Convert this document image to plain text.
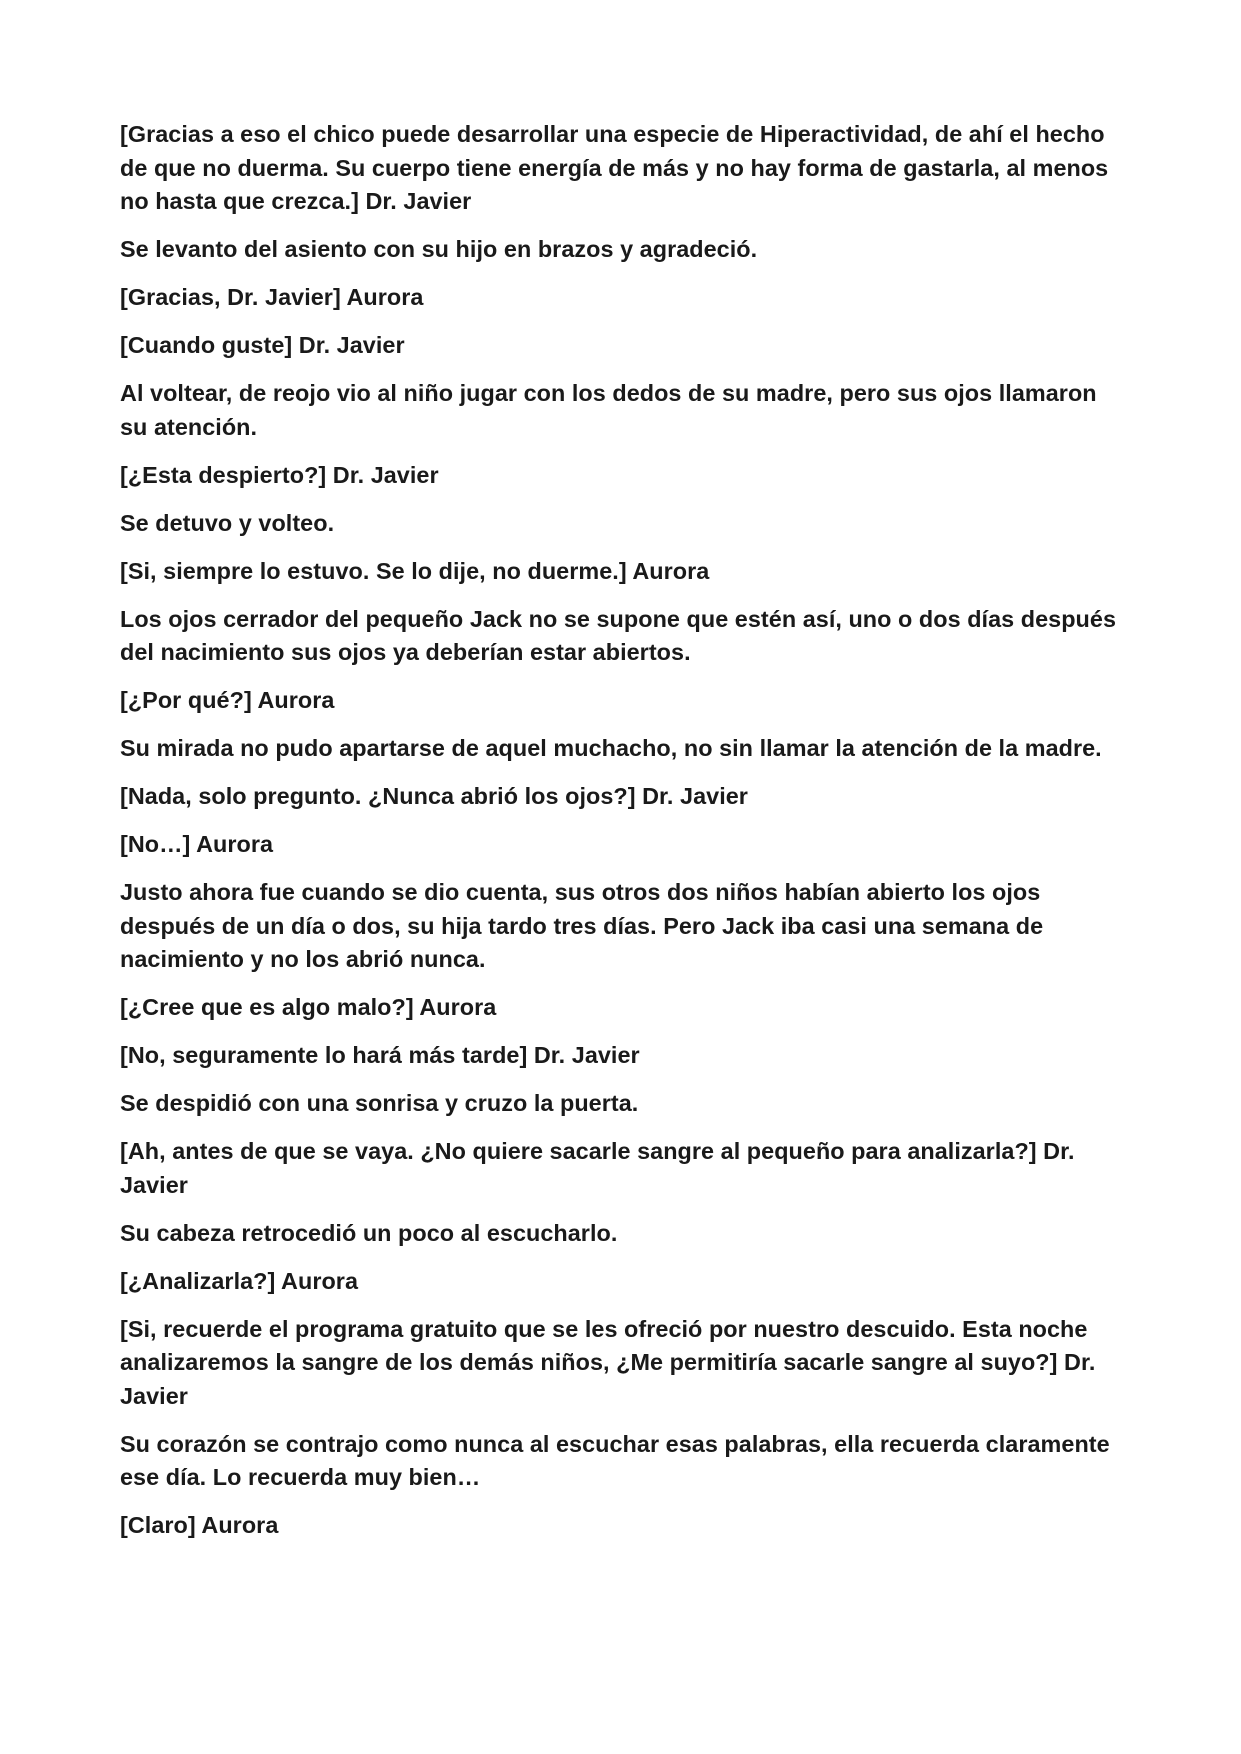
[Gracias a eso el chico puede desarrollar una especie de Hiperactividad, de ahí el hecho de que no duerma. Su cuerpo tiene energía de más y no hay forma de gastarla, al menos no hasta que crezca.] Dr. Javier

Se levanto del asiento con su hijo en brazos y agradeció.

[Gracias, Dr. Javier] Aurora

[Cuando guste] Dr. Javier

Al voltear, de reojo vio al niño jugar con los dedos de su madre, pero sus ojos llamaron su atención.

[¿Esta despierto?] Dr. Javier

Se detuvo y volteo.

[Si, siempre lo estuvo. Se lo dije, no duerme.] Aurora

Los ojos cerrador del pequeño Jack no se supone que estén así, uno o dos días después del nacimiento sus ojos ya deberían estar abiertos.

[¿Por qué?] Aurora

Su mirada no pudo apartarse de aquel muchacho, no sin llamar la atención de la madre.

[Nada, solo pregunto. ¿Nunca abrió los ojos?] Dr. Javier

[No…] Aurora

Justo ahora fue cuando se dio cuenta, sus otros dos niños habían abierto los ojos después de un día o dos, su hija tardo tres días. Pero Jack iba casi una semana de nacimiento y no los abrió nunca.

[¿Cree que es algo malo?] Aurora

[No, seguramente lo hará más tarde] Dr. Javier

Se despidió con una sonrisa y cruzo la puerta.

[Ah, antes de que se vaya. ¿No quiere sacarle sangre al pequeño para analizarla?] Dr. Javier

Su cabeza retrocedió un poco al escucharlo.

[¿Analizarla?] Aurora

[Si, recuerde el programa gratuito que se les ofreció por nuestro descuido. Esta noche analizaremos la sangre de los demás niños, ¿Me permitiría sacarle sangre al suyo?] Dr. Javier

Su corazón se contrajo como nunca al escuchar esas palabras, ella recuerda claramente ese día. Lo recuerda muy bien…

[Claro] Aurora
